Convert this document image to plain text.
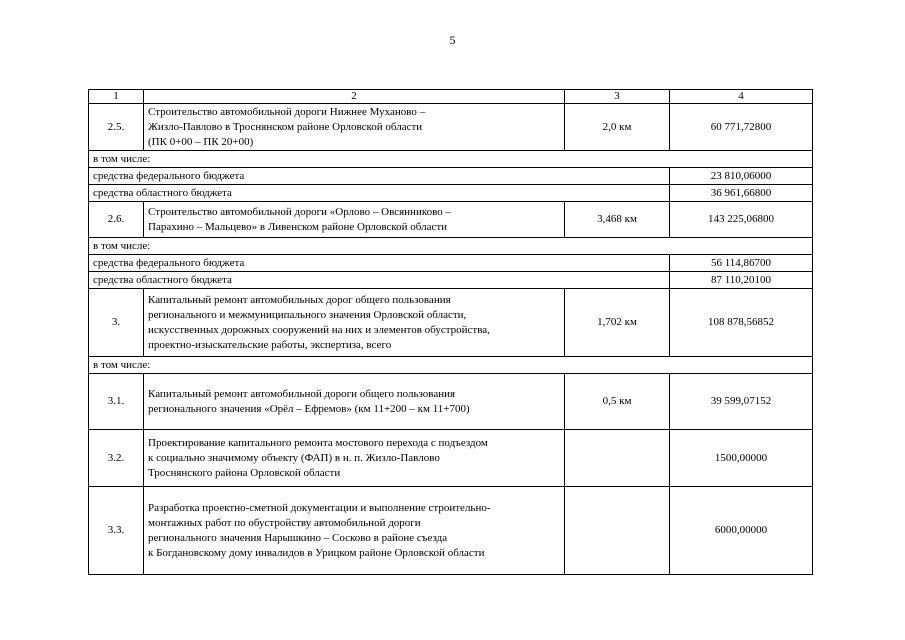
5
1	2	3	4
2.5.	Строительство автомобильной дороги Нижнее Муханово –
Жизло-Павлово в Троснянском районе Орловской области
(ПК 0+00 – ПК 20+00)	2,0 км	60 771,72800
в том числе:			
средства федерального бюджета			23 810,06000
средства областного бюджета			36 961,66800
2.6.	Строительство автомобильной дороги «Орлово – Овсянниково –
Парахино – Мальцево» в Ливенском районе Орловской области	3,468 км	143 225,06800
в том числе:			
средства федерального бюджета			56 114,86700
средства областного бюджета			87 110,20100
3.	Капитальный ремонт автомобильных дорог общего пользования
регионального и межмуниципального значения Орловской области,
искусственных дорожных сооружений на них и элементов обустройства,
проектно-изыскательские работы, экспертиза, всего	1,702 км	108 878,56852
в том числе:			
3.1.	Капитальный ремонт автомобильной дороги общего пользования
регионального значения «Орёл – Ефремов» (км 11+200 – км 11+700)	0,5 км	39 599,07152
3.2.	Проектирование капитального ремонта мостового перехода с подъездом
к социально значимому объекту (ФАП) в н. п. Жизло-Павлово
Троснянского района Орловской области		1500,00000
3.3.	Разработка проектно-сметной документации и выполнение строительно-
монтажных работ по обустройству автомобильной дороги
регионального значения Нарышкино – Сосково в районе съезда
к Богдановскому дому инвалидов в Урицком районе Орловской области		6000,00000
